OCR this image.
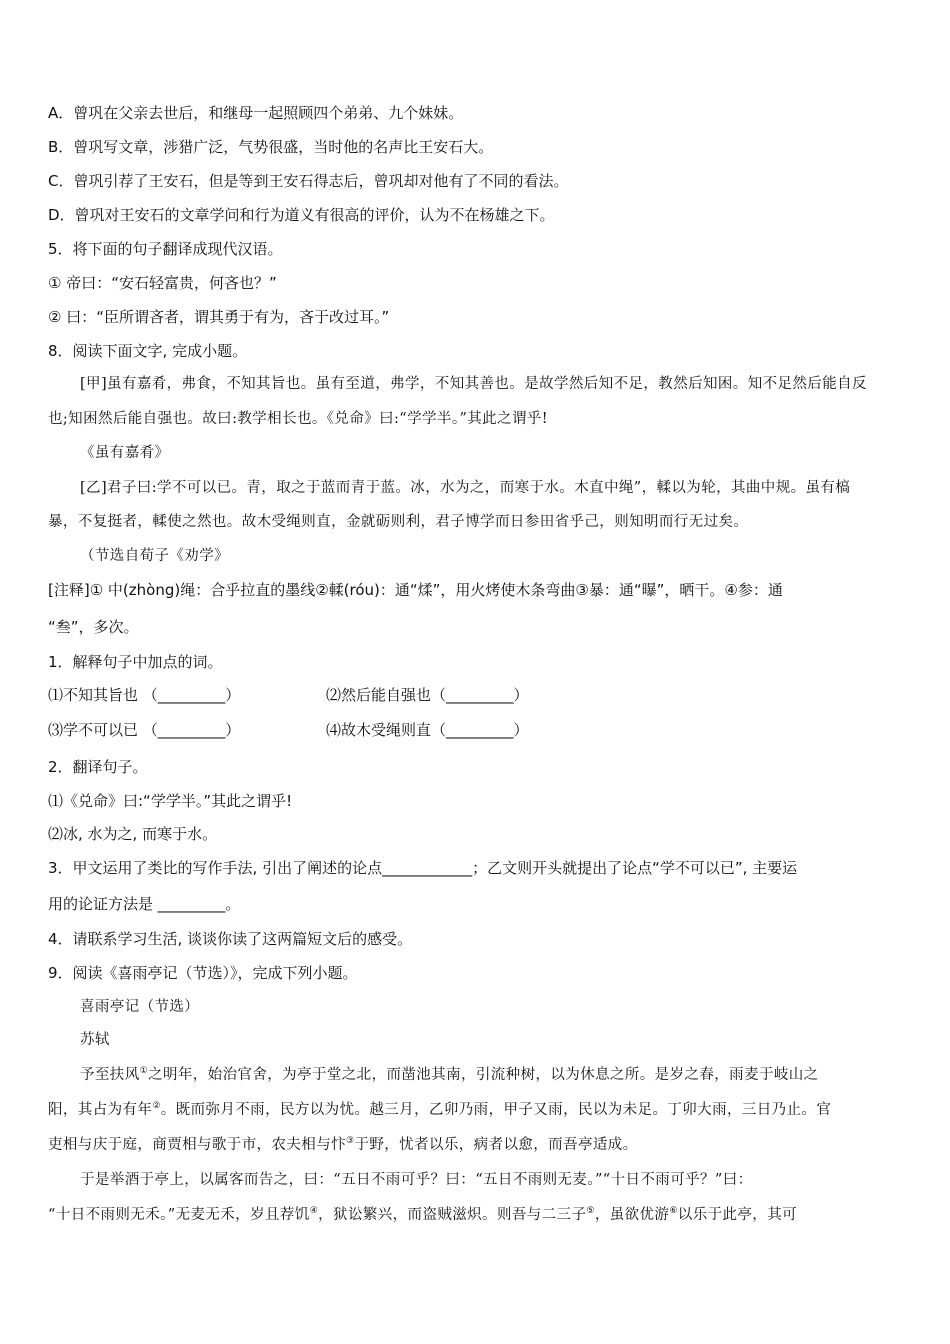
A．曾巩在父亲去世后，和继母一起照顾四个弟弟、九个妹妹。
B．曾巩写文章，涉猎广泛，气势很盛，当时他的名声比王安石大。
C．曾巩引荐了王安石，但是等到王安石得志后，曾巩却对他有了不同的看法。
D．曾巩对王安石的文章学问和行为道义有很高的评价，认为不在杨雄之下。
5．将下面的句子翻译成现代汉语。
① 帝曰：“安石轻富贵，何吝也？”
② 曰：“臣所谓吝者，谓其勇于有为，吝于改过耳。”
8．阅读下面文字, 完成小题。
[甲]虽有嘉肴，弗食，不知其旨也。虽有至道，弗学，不知其善也。是故学然后知不足，教然后知困。知不足然后能自反
也;知困然后能自强也。故曰:教学相长也。《兑命》曰:“学学半。”其此之谓乎!
《虽有嘉肴》
[乙]君子曰:学不可以已。青，取之于蓝而青于蓝。冰，水为之，而寒于水。木直中绳”，輮以为轮，其曲中规。虽有槁
暴，不复挺者，輮使之然也。故木受绳则直，金就砺则利，君子博学而日参田省乎己，则知明而行无过矣。
（节选自荀子《劝学》
[注释]① 中(zhòng)绳：合乎拉直的墨线②輮(róu)：通“煣”，用火烤使木条弯曲③暴：通“曝”，晒干。④参：通
“叁”，多次。
1．解释句子中加点的词。
⑴不知其旨也 （_________）	⑵然后能自强也（_________）
⑶学不可以已 （_________）	⑷故木受绳则直（_________）
2．翻译句子。
⑴《兑命》曰:“学学半。”其此之谓乎!
⑵冰, 水为之, 而寒于水。
3．甲文运用了类比的写作手法, 引出了阐述的论点____________；乙文则开头就提出了论点“学不可以已”, 主要运
用的论证方法是 _________。
4．请联系学习生活, 谈谈你读了这两篇短文后的感受。
9．阅读《喜雨亭记（节选）》，完成下列小题。
喜雨亭记（节选）
苏轼
予至扶风①之明年，始治官舍，为亭于堂之北，而凿池其南，引流种树，以为休息之所。是岁之春，雨麦于岐山之
阳，其占为有年②。既而弥月不雨，民方以为忧。越三月，乙卯乃雨，甲子又雨，民以为未足。丁卯大雨，三日乃止。官
吏相与庆于庭，商贾相与歌于市，农夫相与忭③于野，忧者以乐，病者以愈，而吾亭适成。
于是举酒于亭上，以属客而告之，曰：“五日不雨可乎？曰：“五日不雨则无麦。”“十日不雨可乎？”曰：
“十日不雨则无禾。”无麦无禾，岁且荐饥④，狱讼繁兴，而盗贼滋炽。则吾与二三子⑤，虽欲优游⑥以乐于此亭，其可
